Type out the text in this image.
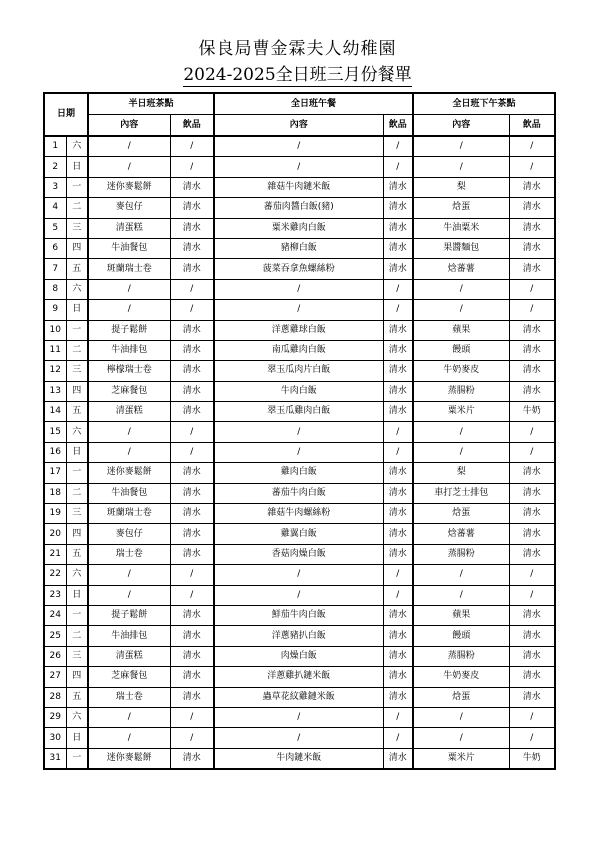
保良局曹金霖夫人幼稚園
2024-2025全日班三月份餐單
日期		半日班茶點		全日班午餐		全日班下午茶點	
		內容	飲品	內容	飲品	內容	飲品
1	六	/	/	/	/	/	/
2	日	/	/	/	/	/	/
3	一	迷你麥鬆餅	清水	雜菇牛肉鏈米飯	清水	梨	清水
4	二	麥包仔	清水	蕃茄肉醬白飯(豬)	清水	焓蛋	清水
5	三	清蛋糕	清水	粟米雞肉白飯	清水	牛油粟米	清水
6	四	牛油餐包	清水	豬柳白飯	清水	果醬麵包	清水
7	五	斑蘭瑞士卷	清水	菠菜吞拿魚螺絲粉	清水	焓蕃薯	清水
8	六	/	/	/	/	/	/
9	日	/	/	/	/	/	/
10	一	提子鬆餅	清水	洋蔥雞球白飯	清水	蘋果	清水
11	二	牛油排包	清水	南瓜雞肉白飯	清水	饅頭	清水
12	三	檸檬瑞士卷	清水	翠玉瓜肉片白飯	清水	牛奶麥皮	清水
13	四	芝麻餐包	清水	牛肉白飯	清水	蒸腸粉	清水
14	五	清蛋糕	清水	翠玉瓜雞肉白飯	清水	粟米片	牛奶
15	六	/	/	/	/	/	/
16	日	/	/	/	/	/	/
17	一	迷你麥鬆餅	清水	雞肉白飯	清水	梨	清水
18	二	牛油餐包	清水	蕃茄牛肉白飯	清水	車打芝士排包	清水
19	三	斑蘭瑞士卷	清水	雜菇牛肉螺絲粉	清水	焓蛋	清水
20	四	麥包仔	清水	雞翼白飯	清水	焓蕃薯	清水
21	五	瑞士卷	清水	香菇肉燥白飯	清水	蒸腸粉	清水
22	六	/	/	/	/	/	/
23	日	/	/	/	/	/	/
24	一	提子鬆餅	清水	鮮茄牛肉白飯	清水	蘋果	清水
25	二	牛油排包	清水	洋蔥豬扒白飯	清水	饅頭	清水
26	三	清蛋糕	清水	肉燥白飯	清水	蒸腸粉	清水
27	四	芝麻餐包	清水	洋蔥雞扒鏈米飯	清水	牛奶麥皮	清水
28	五	瑞士卷	清水	蟲草花紋雞鏈米飯	清水	焓蛋	清水
29	六	/	/	/	/	/	/
30	日	/	/	/	/	/	/
31	一	迷你麥鬆餅	清水	牛肉鏈米飯	清水	粟米片	牛奶
